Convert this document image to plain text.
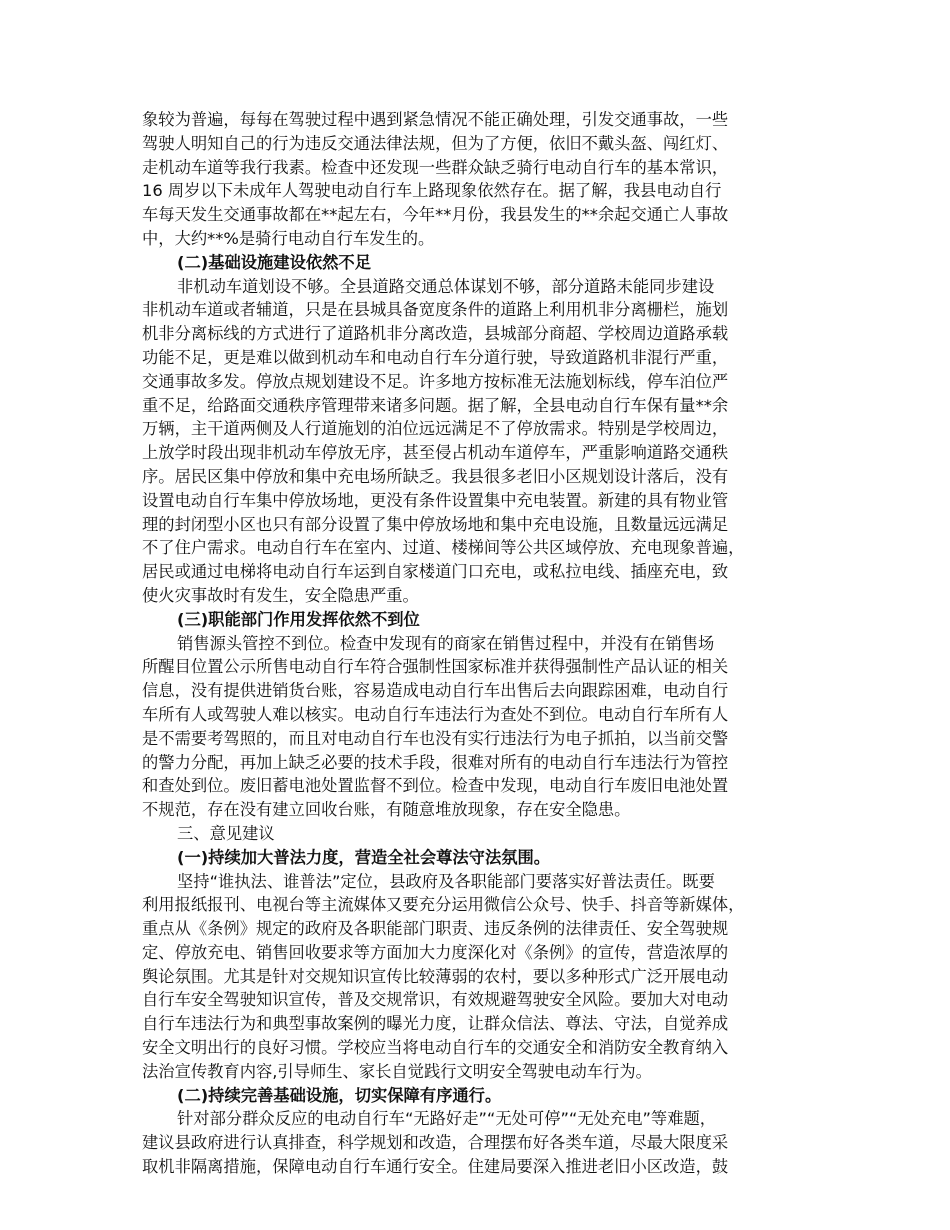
象较为普遍，每每在驾驶过程中遇到紧急情况不能正确处理，引发交通事故，一些
驾驶人明知自己的行为违反交通法律法规，但为了方便，依旧不戴头盔、闯红灯、
走机动车道等我行我素。检查中还发现一些群众缺乏骑行电动自行车的基本常识，
16 周岁以下未成年人驾驶电动自行车上路现象依然存在。据了解，我县电动自行
车每天发生交通事故都在**起左右，今年**月份，我县发生的**余起交通亡人事故
中，大约**%是骑行电动自行车发生的。
(二)基础设施建设依然不足
非机动车道划设不够。全县道路交通总体谋划不够，部分道路未能同步建设
非机动车道或者辅道，只是在县城具备宽度条件的道路上利用机非分离栅栏，施划
机非分离标线的方式进行了道路机非分离改造，县城部分商超、学校周边道路承载
功能不足，更是难以做到机动车和电动自行车分道行驶，导致道路机非混行严重，
交通事故多发。停放点规划建设不足。许多地方按标准无法施划标线，停车泊位严
重不足，给路面交通秩序管理带来诸多问题。据了解，全县电动自行车保有量**余
万辆，主干道两侧及人行道施划的泊位远远满足不了停放需求。特别是学校周边，
上放学时段出现非机动车停放无序，甚至侵占机动车道停车，严重影响道路交通秩
序。居民区集中停放和集中充电场所缺乏。我县很多老旧小区规划设计落后，没有
设置电动自行车集中停放场地，更没有条件设置集中充电装置。新建的具有物业管
理的封闭型小区也只有部分设置了集中停放场地和集中充电设施，且数量远远满足
不了住户需求。电动自行车在室内、过道、楼梯间等公共区域停放、充电现象普遍，
居民或通过电梯将电动自行车运到自家楼道门口充电，或私拉电线、插座充电，致
使火灾事故时有发生，安全隐患严重。
(三)职能部门作用发挥依然不到位
销售源头管控不到位。检查中发现有的商家在销售过程中，并没有在销售场
所醒目位置公示所售电动自行车符合强制性国家标准并获得强制性产品认证的相关
信息，没有提供进销货台账，容易造成电动自行车出售后去向跟踪困难，电动自行
车所有人或驾驶人难以核实。电动自行车违法行为查处不到位。电动自行车所有人
是不需要考驾照的，而且对电动自行车也没有实行违法行为电子抓拍，以当前交警
的警力分配，再加上缺乏必要的技术手段，很难对所有的电动自行车违法行为管控
和查处到位。废旧蓄电池处置监督不到位。检查中发现，电动自行车废旧电池处置
不规范，存在没有建立回收台账，有随意堆放现象，存在安全隐患。
三、意见建议
(一)持续加大普法力度，营造全社会尊法守法氛围。
坚持“谁执法、谁普法”定位，县政府及各职能部门要落实好普法责任。既要
利用报纸报刊、电视台等主流媒体又要充分运用微信公众号、快手、抖音等新媒体，
重点从《条例》规定的政府及各职能部门职责、违反条例的法律责任、安全驾驶规
定、停放充电、销售回收要求等方面加大力度深化对《条例》的宣传，营造浓厚的
舆论氛围。尤其是针对交规知识宣传比较薄弱的农村，要以多种形式广泛开展电动
自行车安全驾驶知识宣传，普及交规常识，有效规避驾驶安全风险。要加大对电动
自行车违法行为和典型事故案例的曝光力度，让群众信法、尊法、守法，自觉养成
安全文明出行的良好习惯。学校应当将电动自行车的交通安全和消防安全教育纳入
法治宣传教育内容,引导师生、家长自觉践行文明安全驾驶电动车行为。
(二)持续完善基础设施，切实保障有序通行。
针对部分群众反应的电动自行车“无路好走”“无处可停”“无处充电”等难题，
建议县政府进行认真排查，科学规划和改造，合理摆布好各类车道，尽最大限度采
取机非隔离措施，保障电动自行车通行安全。住建局要深入推进老旧小区改造，鼓
